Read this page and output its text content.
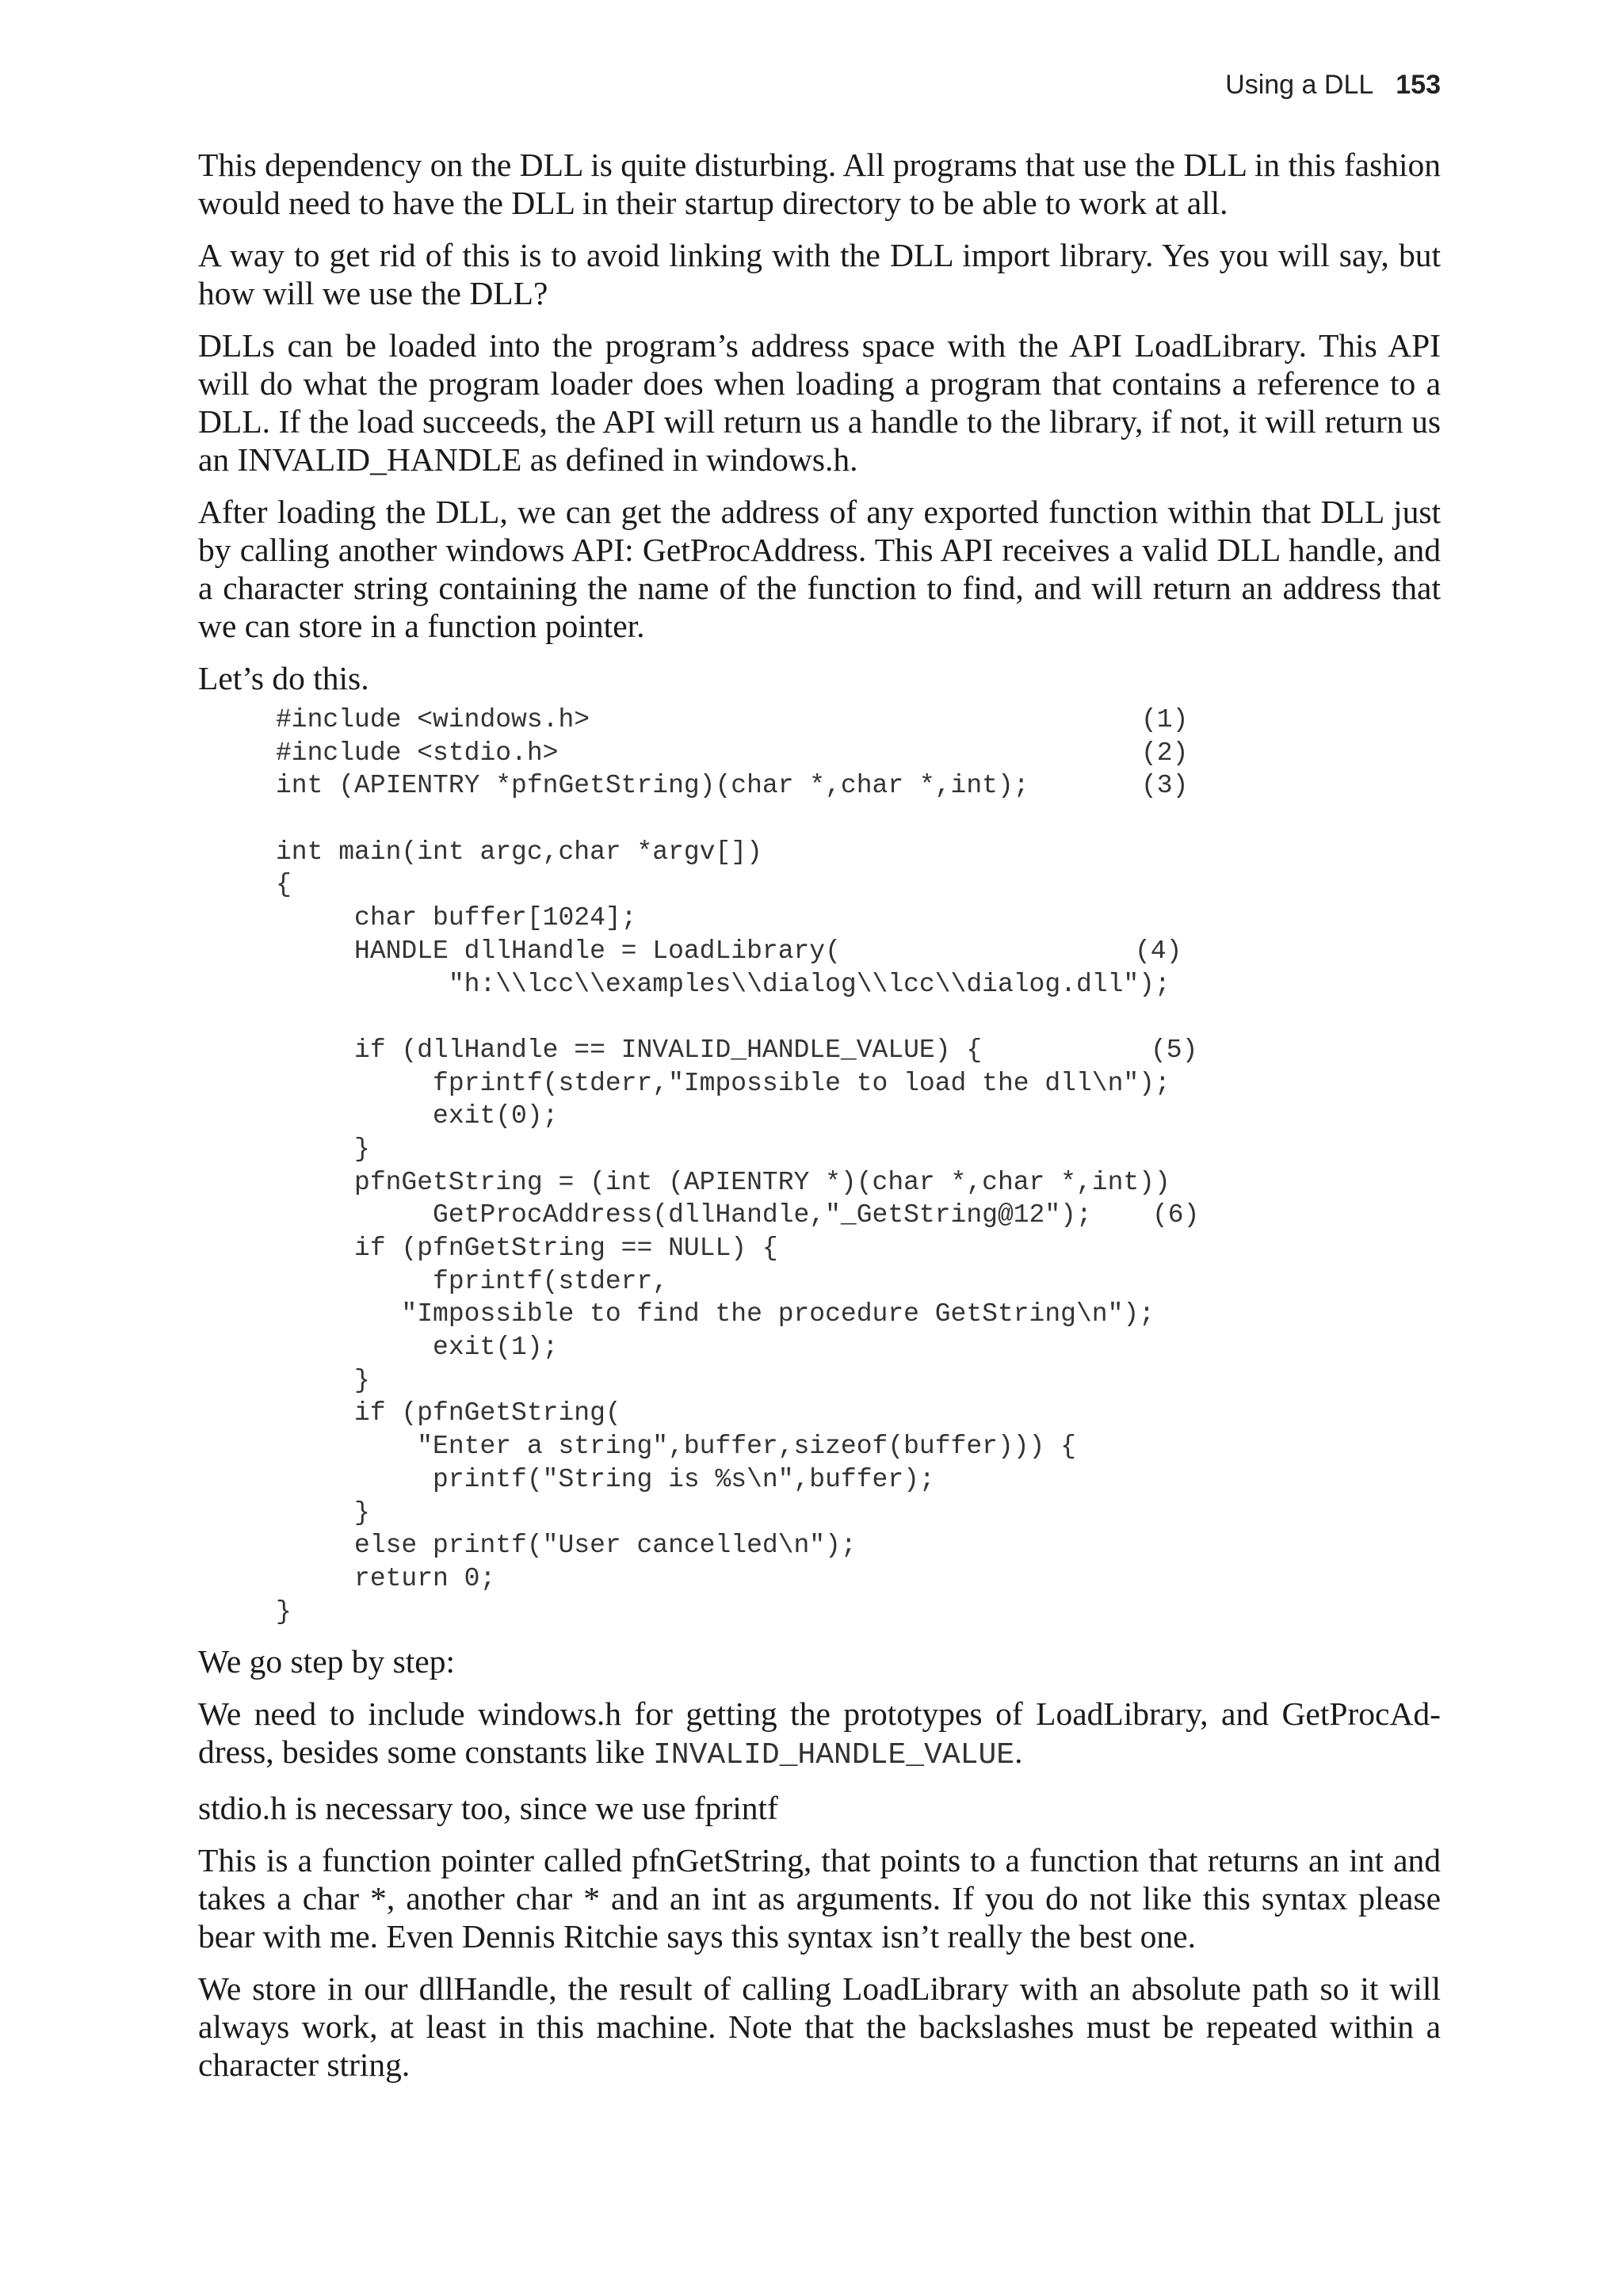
Using a DLL 153

This dependency on the DLL is quite disturbing. All programs that use the DLL in this fashion would need to have the DLL in their startup directory to be able to work at all.

A way to get rid of this is to avoid linking with the DLL import library. Yes you will say, but how will we use the DLL?

DLLs can be loaded into the program’s address space with the API LoadLibrary. This API will do what the program loader does when loading a program that contains a reference to a DLL. If the load succeeds, the API will return us a handle to the library, if not, it will return us an INVALID_HANDLE as defined in windows.h.

After loading the DLL, we can get the address of any exported function within that DLL just by calling another windows API: GetProcAddress. This API receives a valid DLL handle, and a character string containing the name of the function to find, and will return an address that we can store in a function pointer.

Let’s do this.

#include <windows.h>	(1)
#include <stdio.h>	(2)
int (APIENTRY *pfnGetString)(char *,char *,int);	(3)
int main(int argc,char *argv[])
{
char buffer[1024];
HANDLE dllHandle = LoadLibrary(	(4)
"h:\\lcc\\examples\\dialog\\lcc\\dialog.dll");
if (dllHandle == INVALID_HANDLE_VALUE) {	(5)
fprintf(stderr,"Impossible to load the dll\n");
exit(0);
}
pfnGetString = (int (APIENTRY *)(char *,char *,int))
GetProcAddress(dllHandle,"_GetString@12"); (6)
if (pfnGetString == NULL) {
fprintf(stderr,
"Impossible to find the procedure GetString\n");
exit(1);
}
if (pfnGetString(
"Enter a string",buffer,sizeof(buffer))) {
printf("String is %s\n",buffer);
}
else printf("User cancelled\n");
return 0;
}

We go step by step:

We need to include windows.h for getting the prototypes of LoadLibrary, and GetProcAd-dress, besides some constants like INVALID_HANDLE_VALUE.

stdio.h is necessary too, since we use fprintf

This is a function pointer called pfnGetString, that points to a function that returns an int and takes a char *, another char * and an int as arguments. If you do not like this syntax please bear with me. Even Dennis Ritchie says this syntax isn’t really the best one.

We store in our dllHandle, the result of calling LoadLibrary with an absolute path so it will always work, at least in this machine. Note that the backslashes must be repeated within a character string.
